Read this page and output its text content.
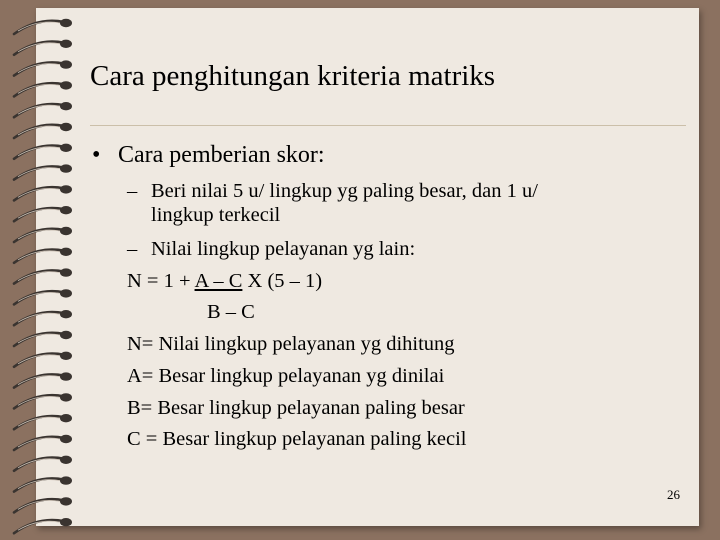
Cara penghitungan kriteria matriks
• Cara pemberian skor:
– Beri nilai 5 u/ lingkup yg paling besar, dan 1 u/
lingkup terkecil
– Nilai lingkup pelayanan yg lain:
N = 1 + A – C X (5 – 1)
B – C
N= Nilai lingkup pelayanan yg dihitung
A= Besar lingkup pelayanan yg dinilai
B= Besar lingkup pelayanan paling besar
C = Besar lingkup pelayanan paling kecil
26
